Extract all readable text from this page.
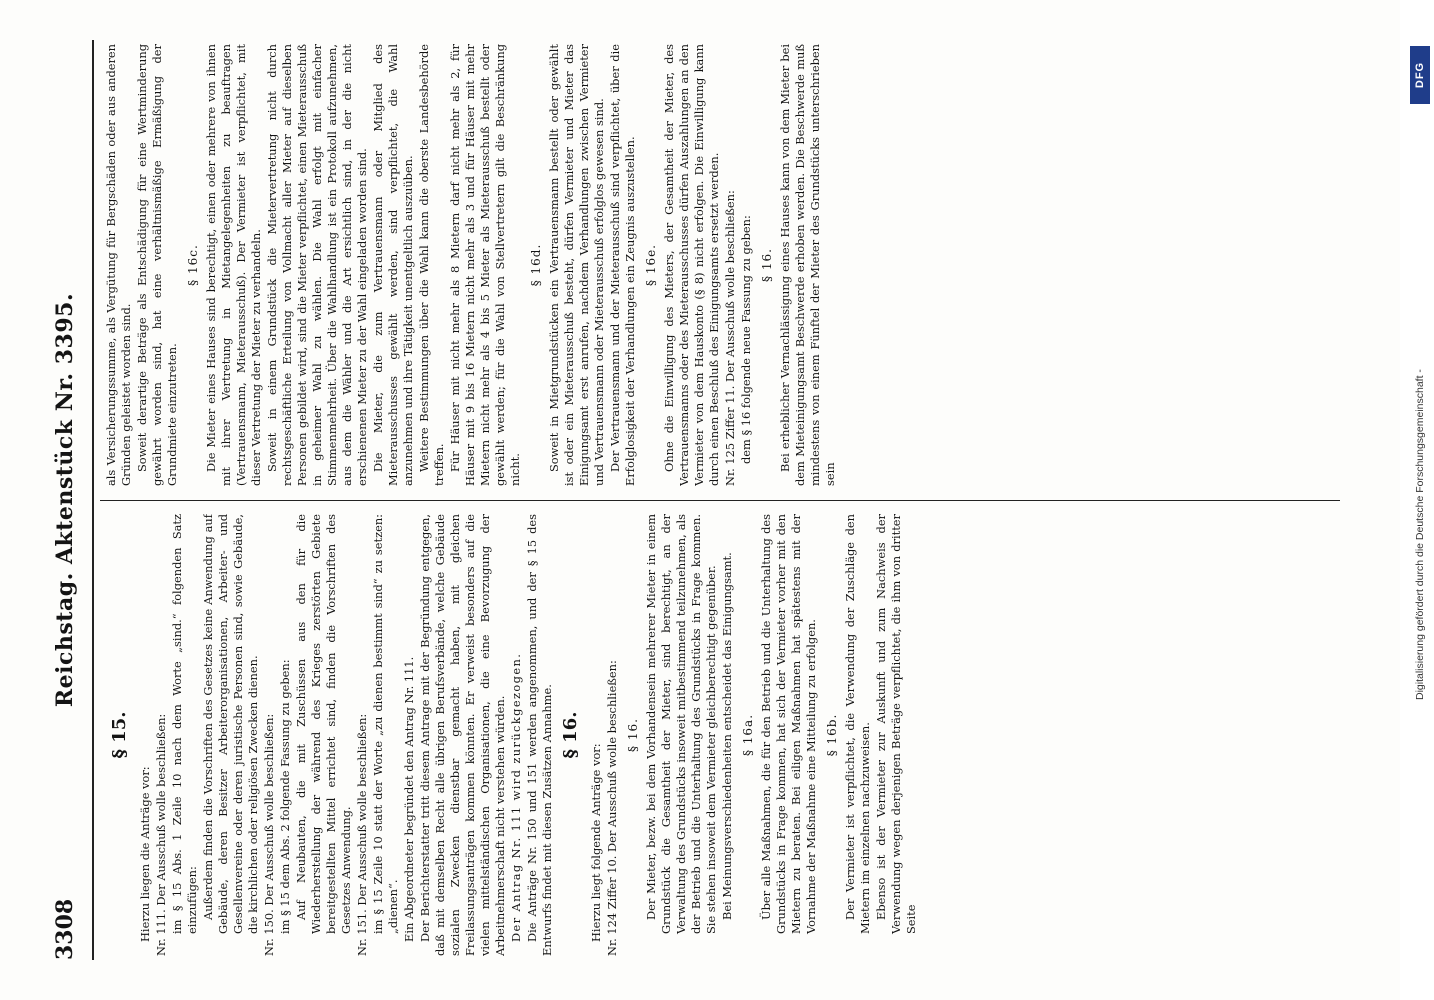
3308
Reichstag. Aktenstück Nr. 3395.
§ 15.

Hierzu liegen die Anträge vor: Nr. 111. Der Ausschuß wolle beschließen: im § 15 Abs. 1 Zeile 10 nach dem Worte „sind.“ folgenden Satz einzufügen: Außerdem finden die Vorschriften des Gesetzes keine Anwendung auf Gebäude, deren Besitzer Arbeiterorganisationen, Arbeiter- und Gesellenvereine oder deren juristische Personen sind, sowie Gebäude, die kirchlichen oder religiösen Zwecken dienen. Nr. 150. Der Ausschuß wolle beschließen: im § 15 dem Abs. 2 folgende Fassung zu geben: Auf Neubauten, die mit Zuschüssen aus den für die Wiederherstellung der während des Krieges zerstörten Gebiete bereitgestellten Mittel errichtet sind, finden die Vorschriften des Gesetzes Anwendung. Nr. 151. Der Ausschuß wolle beschließen: im § 15 Zeile 10 statt der Worte „zu dienen bestimmt sind“ zu setzen: „dienen“. Ein Abgeordneter begründet den Antrag Nr. 111. Der Berichterstatter tritt diesem Antrage mit der Begründung entgegen, daß mit demselben Recht alle übrigen Berufsverbände, welche Gebäude sozialen Zwecken dienstbar gemacht haben, mit gleichen Freilassungsanträgen kommen könnten. Er verweist besonders auf die vielen mittelständischen Organisationen, die eine Bevorzugung der Arbeitnehmerschaft nicht verstehen würden. Der Antrag Nr. 111 wird zurückgezogen. Die Anträge Nr. 150 und 151 werden angenommen, und der § 15 des Entwurfs findet mit diesen Zusätzen Annahme. § 16.

Hierzu liegt folgende Anträge vor: Nr. 124 Ziffer 10. Der Ausschuß wolle beschließen: § 16. Der Mieter, bezw. bei dem Vorhandensein mehrerer Mieter in einem Grundstück die Gesamtheit der Mieter, sind berechtigt, an der Verwaltung des Grundstücks insoweit mitbestimmend teilzunehmen, als der Betrieb und die Unterhaltung des Grundstücks in Frage kommen. Sie stehen insoweit dem Vermieter gleichberechtigt gegenüber. Bei Meinungsverschiedenheiten entscheidet das Einigungsamt. § 16a. Über alle Maßnahmen, die für den Betrieb und die Unterhaltung des Grundstücks in Frage kommen, hat sich der Vermieter vorher mit den Mietern zu beraten. Bei eiligen Maßnahmen hat spätestens mit der Vornahme der Maßnahme eine Mitteilung zu erfolgen. § 16b. Der Vermieter ist verpflichtet, die Verwendung der Zuschläge den Mietern im einzelnen nachzuweisen. Ebenso ist der Vermieter zur Auskunft und zum Nachweis der Verwendung wegen derjenigen Beträge verpflichtet, die ihm von dritter Seite

als Versicherungssumme, als Vergütung für Bergschäden oder aus anderen Gründen geleistet worden sind. Soweit derartige Beträge als Entschädigung für eine Wertminderung gewährt worden sind, hat eine verhältnismäßige Ermäßigung der Grundmiete einzutreten.

§ 16c. Die Mieter eines Hauses sind berechtigt, einen oder mehrere von ihnen mit ihrer Vertretung in Mietangelegenheiten zu beauftragen (Vertrauensmann, Mieterausschuß). Der Vermieter ist verpflichtet, mit dieser Vertretung der Mieter zu verhandeln. Soweit in einem Grundstück die Mietervertretung nicht durch rechtsgeschäftliche Erteilung von Vollmacht aller Mieter auf dieselben Personen gebildet wird, sind die Mieter verpflichtet, einen Mieterausschuß in geheimer Wahl zu wählen. Die Wahl erfolgt mit einfacher Stimmenmehrheit. Über die Wahlhandlung ist ein Protokoll aufzunehmen, aus dem die Wähler und die Art ersichtlich sind, in der die nicht erschienenen Mieter zu der Wahl eingeladen worden sind. Die Mieter, die zum Vertrauensmann oder Mitglied des Mieterausschusses gewählt werden, sind verpflichtet, die Wahl anzunehmen und ihre Tätigkeit unentgeltlich auszuüben. Weitere Bestimmungen über die Wahl kann die oberste Landesbehörde treffen. Für Häuser mit nicht mehr als 8 Mietern darf nicht mehr als 2, für Häuser mit 9 bis 16 Mietern nicht mehr als 3 und für Häuser mit mehr Mietern nicht mehr als 4 bis 5 Mieter als Mieterausschuß bestellt oder gewählt werden; für die Wahl von Stellvertretern gilt die Beschränkung nicht.

§ 16d. Soweit in Mietgrundstücken ein Vertrauensmann bestellt oder gewählt ist oder ein Mieterausschuß besteht, dürfen Vermieter und Mieter das Einigungsamt erst anrufen, nachdem Verhandlungen zwischen Vermieter und Vertrauensmann oder Mieterausschuß erfolglos gewesen sind. Der Vertrauensmann und der Mieterausschuß sind verpflichtet, über die Erfolglosigkeit der Verhandlungen ein Zeugnis auszustellen. § 16e. Ohne die Einwilligung des Mieters, der Gesamtheit der Mieter, des Vertrauensmanns oder des Mieterausschusses dürfen Auszahlungen an den Vermieter von dem Hauskonto (§ 8) nicht erfolgen. Die Einwilligung kann durch einen Beschluß des Einigungsamts ersetzt werden. Nr. 125 Ziffer 11. Der Ausschuß wolle beschließen: dem § 16 folgende neue Fassung zu geben: § 16. Bei erheblicher Vernachlässigung eines Hauses kann von dem Mieter bei dem Mieteinigungsamt Beschwerde erhoben werden. Die Beschwerde muß mindestens von einem Fünftel der Mieter des Grundstücks unterschrieben sein	Digitalisierung gefördert durch die Deutsche Forschungsgemeinschaft -
DFG
